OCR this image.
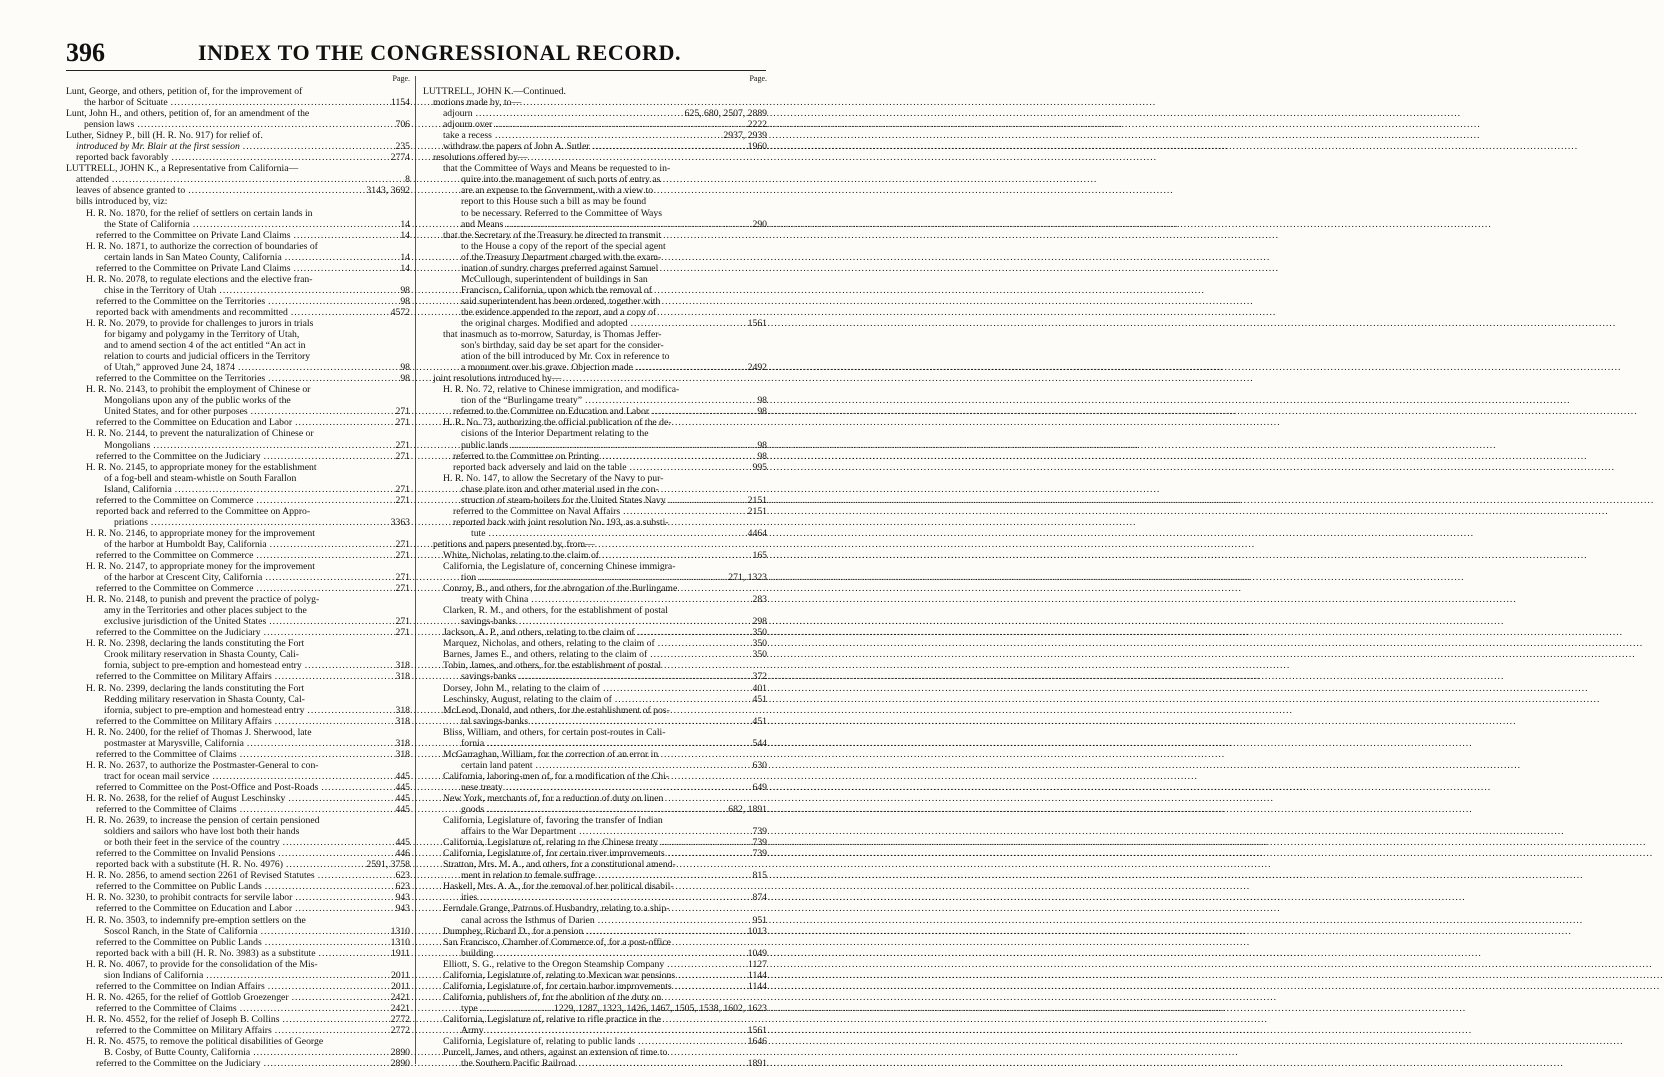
396	INDEX TO THE CONGRESSIONAL RECORD.
Page.
Lunt, George, and others, petition of, for the improvement of
the harbor of Scituate .....	1154
Lunt, John H., and others, petition of, for an amendment of the
pension laws .....	706
Luther, Sidney P., bill (H. R. No. 917) for relief of.
introduced by Mr. Blair at the first session .....	235
reported back favorably .....	2774
LUTTRELL, JOHN K., a Representative from California—
attended .....	8
leaves of absence granted to .....	3143, 3692
bills introduced by, viz:
H. R. No. 1870, for the relief of settlers on certain lands in
the State of California .....	14
referred to the Committee on Private Land Claims .....	14
H. R. No. 1871, to authorize the correction of boundaries of
certain lands in San Mateo County, California .....	14
referred to the Committee on Private Land Claims .....	14
H. R. No. 2078, to regulate elections and the elective fran-
chise in the Territory of Utah .....	98
referred to the Committee on the Territories .....	98
reported back with amendments and recommitted .....	4572
H. R. No. 2079, to provide for challenges to jurors in trials
for bigamy and polygamy in the Territory of Utah,
and to amend section 4 of the act entitled “An act in
relation to courts and judicial officers in the Territory
of Utah,” approved June 24, 1874 .....	98
referred to the Committee on the Territories .....	98
H. R. No. 2143, to prohibit the employment of Chinese or
Mongolians upon any of the public works of the
United States, and for other purposes .....	271
referred to the Committee on Education and Labor .....	271
H. R. No. 2144, to prevent the naturalization of Chinese or
Mongolians .....	271
referred to the Committee on the Judiciary .....	271
H. R. No. 2145, to appropriate money for the establishment
of a fog-bell and steam-whistle on South Farallon
Island, California .....	271
referred to the Committee on Commerce .....	271
reported back and referred to the Committee on Appro-
priations .....	3363
H. R. No. 2146, to appropriate money for the improvement
of the harbor at Humboldt Bay, California .....	271
referred to the Committee on Commerce .....	271
H. R. No. 2147, to appropriate money for the improvement
of the harbor at Crescent City, California .....	271
referred to the Committee on Commerce .....	271
H. R. No. 2148, to punish and prevent the practice of polyg-
amy in the Territories and other places subject to the
exclusive jurisdiction of the United States .....	271
referred to the Committee on the Judiciary .....	271
H. R. No. 2398, declaring the lands constituting the Fort
Crook military reservation in Shasta County, Cali-
fornia, subject to pre-emption and homestead entry .....	318
referred to the Committee on Military Affairs .....	318
H. R. No. 2399, declaring the lands constituting the Fort
Redding military reservation in Shasta County, Cal-
ifornia, subject to pre-emption and homestead entry .....	318
referred to the Committee on Military Affairs .....	318
H. R. No. 2400, for the relief of Thomas J. Sherwood, late
postmaster at Marysville, California .....	318
referred to the Committee of Claims .....	318
H. R. No. 2637, to authorize the Postmaster-General to con-
tract for ocean mail service .....	445
referred to Committee on the Post-Office and Post-Roads .....	445
H. R. No. 2638, for the relief of August Leschinsky .....	445
referred to the Committee of Claims .....	445
H. R. No. 2639, to increase the pension of certain pensioned
soldiers and sailors who have lost both their hands
or both their feet in the service of the country .....	445
referred to the Committee on Invalid Pensions .....	446
reported back with a substitute (H. R. No. 4976) .....	2591, 3758
H. R. No. 2856, to amend section 2261 of Revised Statutes .....	623
referred to the Committee on Public Lands .....	623
H. R. No. 3230, to prohibit contracts for servile labor .....	943
referred to the Committee on Education and Labor .....	943
H. R. No. 3503, to indemnify pre-emption settlers on the
Soscol Ranch, in the State of California .....	1310
referred to the Committee on Public Lands .....	1310
reported back with a bill (H. R. No. 3983) as a substitute .....	1911
H. R. No. 4067, to provide for the consolidation of the Mis-
sion Indians of California .....	2011
referred to the Committee on Indian Affairs .....	2011
H. R. No. 4265, for the relief of Gottlob Groezenger .....	2421
referred to the Committee of Claims .....	2421
H. R. No. 4552, for the relief of Joseph B. Collins .....	2772
referred to the Committee on Military Affairs .....	2772
H. R. No. 4575, to remove the political disabilities of George
B. Cosby, of Butte County, California .....	2890
referred to the Committee on the Judiciary .....	2890
Page.
LUTTRELL, JOHN K.—Continued.
motions made by, to—
adjourn .....	625, 680, 2507, 2889
adjourn over .....	2222
take a recess .....	2937, 2939
withdraw the papers of John A. Sutler .....	1960
resolutions offered by—
that the Committee of Ways and Means be requested to in-
quire into the management of such ports of entry as
are an expense to the Government, with a view to
report to this House such a bill as may be found
to be necessary. Referred to the Committee of Ways
and Means .....	290
that the Secretary of the Treasury be directed to transmit
to the House a copy of the report of the special agent
of the Treasury Department charged with the exam-
ination of sundry charges preferred against Samuel
McCullough, superintendent of buildings in San
Francisco, California, upon which the removal of
said superintendent has been ordered, together with
the evidence appended to the report, and a copy of
the original charges. Modified and adopted .....	1561
that inasmuch as to-morrow, Saturday, is Thomas Jeffer-
son's birthday, said day be set apart for the consider-
ation of the bill introduced by Mr. Cox in reference to
a monument over his grave. Objection made .....	2492
joint resolutions introduced by—
H. R. No. 72, relative to Chinese immigration, and modifica-
tion of the “Burlingame treaty” .....	98
referred to the Committee on Education and Labor .....	98
H. R. No. 73, authorizing the official publication of the de-
cisions of the Interior Department relating to the
public lands .....	98
referred to the Committee on Printing .....	98
reported back adversely and laid on the table .....	995
H. R. No. 147, to allow the Secretary of the Navy to pur-
chase plate iron and other material used in the con-
struction of steam-boilers for the United States Navy .....	2151
referred to the Committee on Naval Affairs .....	2151
reported back with joint resolution No. 193, as a substi-
tute .....	4464
petitions and papers presented by, from—
White, Nicholas, relating to the claim of .....	165
California, the Legislature of, concerning Chinese immigra-
tion .....	271, 1323
Conroy, B., and others, for the abrogation of the Burlingame
treaty with China .....	283
Clarken, R. M., and others, for the establishment of postal
savings-banks .....	298
Jackson, A. P., and others, relating to the claim of .....	350
Marquez, Nicholas, and others, relating to the claim of .....	350
Barnes, James E., and others, relating to the claim of .....	350
Tobin, James, and others, for the establishment of postal
savings-banks .....	372
Dorsey, John M., relating to the claim of .....	401
Leschinsky, August, relating to the claim of .....	451
McLeod, Donald, and others, for the establishment of pos-
tal savings-banks .....	451
Bliss, William, and others, for certain post-routes in Cali-
fornia .....	544
McGarraghan, William, for the correction of an error in
certain land patent .....	630
California, laboring-men of, for a modification of the Chi-
nese treaty .....	649
New York, merchants of, for a reduction of duty on linen
goods .....	682, 1891
California, Legislature of, favoring the transfer of Indian
affairs to the War Department .....	739
California, Legislature of, relating to the Chinese treaty .....	739
California, Legislature of, for certain river improvements .....	739
Stratton, Mrs. M. A., and others, for a constitutional amend-
ment in relation to female suffrage .....	815
Haskell, Mrs. A. A., for the removal of her political disabil-
ities .....	874
Ferndale Grange, Patrons of Husbandry, relating to a ship-
canal across the Isthmus of Darien .....	951
Dumphey, Richard D., for a pension .....	1013
San Francisco, Chamber of Commerce of, for a post-office
building .....	1049
Elliott, S. G., relative to the Oregon Steamship Company .....	1127
California, Legislature of, relating to Mexican war pensions .....	1144
California, Legislature of, for certain harbor improvements .....	1144
California, publishers of, for the abolition of the duty on
type .....	1229, 1287, 1323, 1426, 1467, 1505, 1538, 1602, 1623
California, Legislature of, relative to rifle practice in the
Army .....	1561
California, Legislature of, relating to public lands .....	1646
Purcell, James, and others, against an extension of time to
the Southern Pacific Railroad .....	1891
